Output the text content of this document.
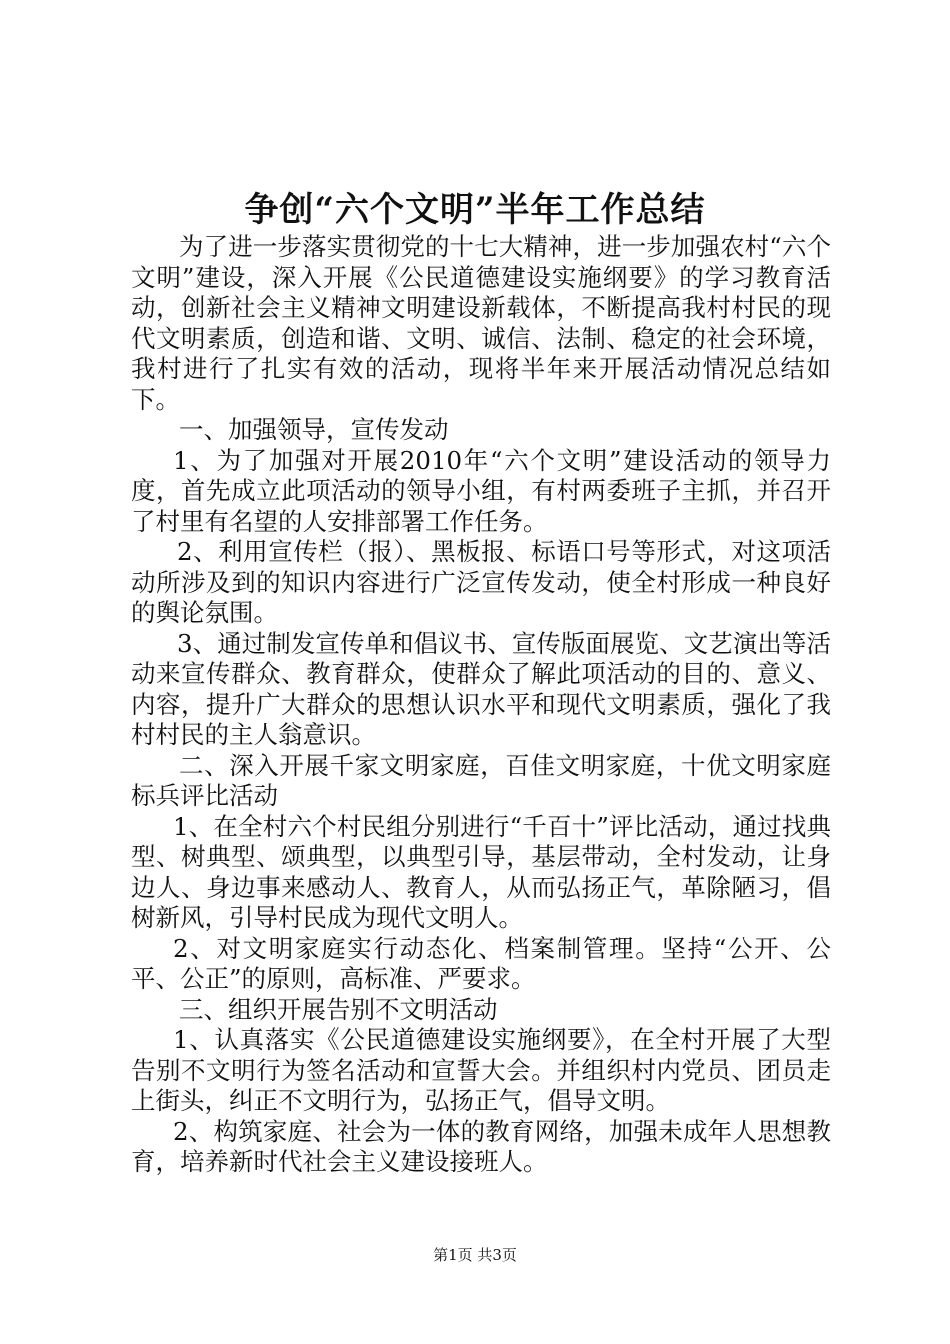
争创“六个文明”半年工作总结

为了进一步落实贯彻党的十七大精神，进一步加强农村“六个文明”建设，深入开展《公民道德建设实施纲要》的学习教育活动，创新社会主义精神文明建设新载体，不断提高我村村民的现代文明素质，创造和谐、文明、诚信、法制、稳定的社会环境，我村进行了扎实有效的活动，现将半年来开展活动情况总结如下。

一、加强领导，宣传发动

1、为了加强对开展2010年“六个文明”建设活动的领导力度，首先成立此项活动的领导小组，有村两委班子主抓，并召开了村里有名望的人安排部署工作任务。

2、利用宣传栏（报）、黑板报、标语口号等形式，对这项活动所涉及到的知识内容进行广泛宣传发动，使全村形成一种良好的舆论氛围。

3、通过制发宣传单和倡议书、宣传版面展览、文艺演出等活动来宣传群众、教育群众，使群众了解此项活动的目的、意义、内容，提升广大群众的思想认识水平和现代文明素质，强化了我村村民的主人翁意识。

二、深入开展千家文明家庭，百佳文明家庭，十优文明家庭标兵评比活动

1、在全村六个村民组分别进行“千百十”评比活动，通过找典型、树典型、颂典型，以典型引导，基层带动，全村发动，让身边人、身边事来感动人、教育人，从而弘扬正气，革除陋习，倡树新风，引导村民成为现代文明人。

2、对文明家庭实行动态化、档案制管理。坚持“公开、公平、公正”的原则，高标准、严要求。

三、组织开展告别不文明活动

1、认真落实《公民道德建设实施纲要》，在全村开展了大型告别不文明行为签名活动和宣誓大会。并组织村内党员、团员走上街头，纠正不文明行为，弘扬正气，倡导文明。

2、构筑家庭、社会为一体的教育网络，加强未成年人思想教育，培养新时代社会主义建设接班人。

第1页 共3页
